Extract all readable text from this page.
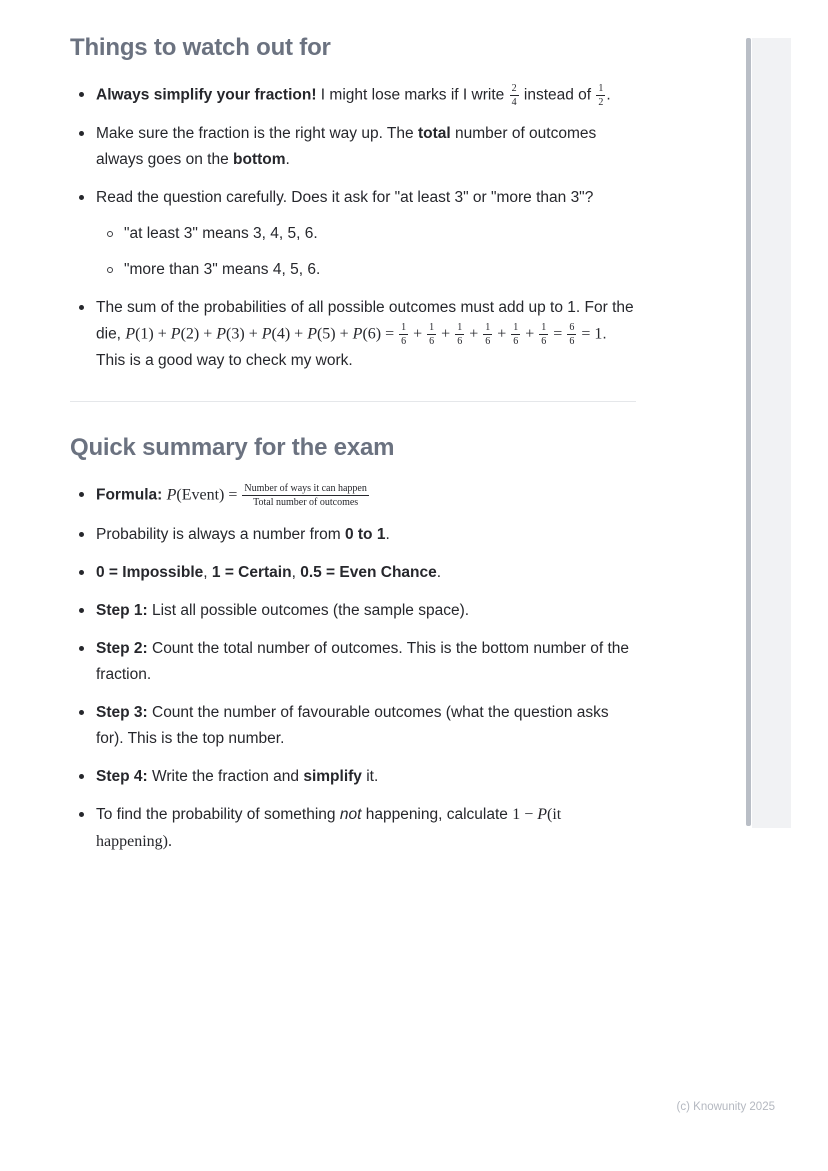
Things to watch out for
Always simplify your fraction! I might lose marks if I write $\frac{2}{4}$ instead of $\frac{1}{2}$ .
Make sure the fraction is the right way up. The total number of outcomes always goes on the bottom.
Read the question carefully. Does it ask for "at least 3" or "more than 3"?
"at least 3" means 3, 4, 5, 6.
"more than 3" means 4, 5, 6.
The sum of the probabilities of all possible outcomes must add up to 1. For the die, $P(1) + P(2) + P(3) + P(4) + P(5) + P(6) = \frac{1}{6} + \frac{1}{6} + \frac{1}{6} + \frac{1}{6} + \frac{1}{6} + \frac{1}{6} = \frac{6}{6} = 1$. This is a good way to check my work.
Quick summary for the exam
Formula: P(Event) = $\frac{\text{Number of ways it can happen}}{\text{Total number of outcomes}}$
Probability is always a number from 0 to 1.
0 = Impossible, 1 = Certain, 0.5 = Even Chance.
Step 1: List all possible outcomes (the sample space).
Step 2: Count the total number of outcomes. This is the bottom number of the fraction.
Step 3: Count the number of favourable outcomes (what the question asks for). This is the top number.
Step 4: Write the fraction and simplify it.
To find the probability of something not happening, calculate 1 − P(it happening).
(c) Knowunity 2025
